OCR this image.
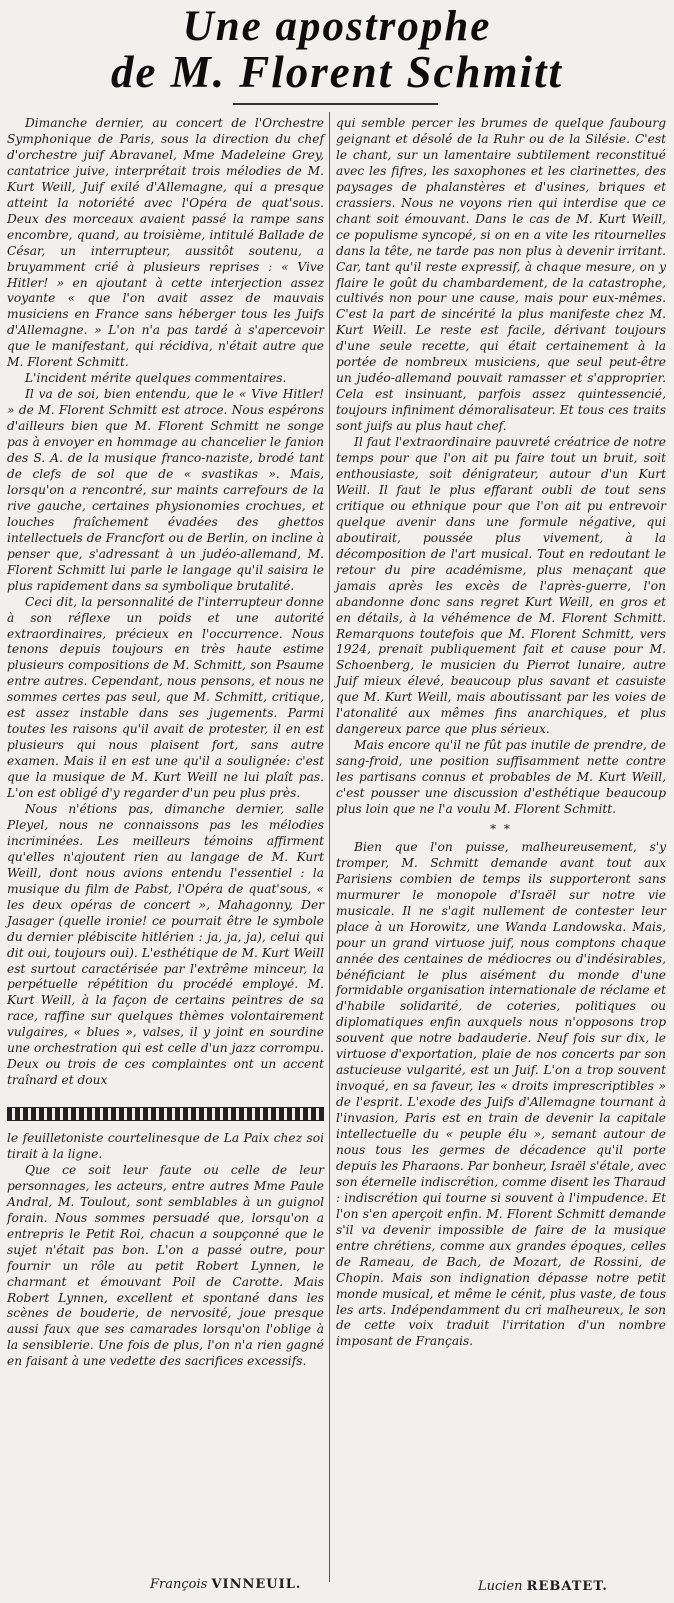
Une apostrophe
de M. Florent Schmitt

Dimanche dernier, au concert de l'Orchestre Symphonique de Paris, sous la direction du chef d'orchestre juif Abravanel, Mme Madeleine Grey, cantatrice juive, interprétait trois mélodies de M. Kurt Weill, Juif exilé d'Allemagne, qui a presque atteint la notoriété avec l'Opéra de quat'sous. Deux des morceaux avaient passé la rampe sans encombre, quand, au troisième, intitulé Ballade de César, un interrupteur, aussitôt soutenu, a bruyamment crié à plusieurs reprises : « Vive Hitler! » en ajoutant à cette interjection assez voyante « que l'on avait assez de mauvais musiciens en France sans héberger tous les Juifs d'Allemagne. » L'on n'a pas tardé à s'apercevoir que le manifestant, qui récidiva, n'était autre que M. Florent Schmitt.

L'incident mérite quelques commentaires.

Il va de soi, bien entendu, que le « Vive Hitler! » de M. Florent Schmitt est atroce. Nous espérons d'ailleurs bien que M. Florent Schmitt ne songe pas à envoyer en hommage au chancelier le fanion des S. A. de la musique franco-naziste, brodé tant de clefs de sol que de « svastikas ». Mais, lorsqu'on a rencontré, sur maints carrefours de la rive gauche, certaines physionomies crochues, et louches fraîchement évadées des ghettos intellectuels de Francfort ou de Berlin, on incline à penser que, s'adressant à un judéo-allemand, M. Florent Schmitt lui parle le langage qu'il saisira le plus rapidement dans sa symbolique brutalité.

Ceci dit, la personnalité de l'interrupteur donne à son réflexe un poids et une autorité extraordinaires, précieux en l'occurrence. Nous tenons depuis toujours en très haute estime plusieurs compositions de M. Schmitt, son Psaume entre autres. Cependant, nous pensons, et nous ne sommes certes pas seul, que M. Schmitt, critique, est assez instable dans ses jugements. Parmi toutes les raisons qu'il avait de protester, il en est plusieurs qui nous plaisent fort, sans autre examen. Mais il en est une qu'il a soulignée: c'est que la musique de M. Kurt Weill ne lui plaît pas. L'on est obligé d'y regarder d'un peu plus près.

Nous n'étions pas, dimanche dernier, salle Pleyel, nous ne connaissons pas les mélodies incriminées. Les meilleurs témoins affirment qu'elles n'ajoutent rien au langage de M. Kurt Weill, dont nous avions entendu l'essentiel : la musique du film de Pabst, l'Opéra de quat'sous, « les deux opéras de concert », Mahagonny, Der Jasager (quelle ironie! ce pourrait être le symbole du dernier plébiscite hitlérien : ja, ja, ja), celui qui dit oui, toujours oui). L'esthétique de M. Kurt Weill est surtout caractérisée par l'extrême minceur, la perpétuelle répétition du procédé employé. M. Kurt Weill, à la façon de certains peintres de sa race, raffine sur quelques thèmes volontairement vulgaires, « blues », valses, il y joint en sourdine une orchestration qui est celle d'un jazz corrompu. Deux ou trois de ces complaintes ont un accent traînard et doux

le feuilletoniste courtelinesque de La Paix chez soi tirait à la ligne.

Que ce soit leur faute ou celle de leur personnages, les acteurs, entre autres Mme Paule Andral, M. Toulout, sont semblables à un guignol forain. Nous sommes persuadé que, lorsqu'on a entrepris le Petit Roi, chacun a soupçonné que le sujet n'était pas bon. L'on a passé outre, pour fournir un rôle au petit Robert Lynnen, le charmant et émouvant Poil de Carotte. Mais Robert Lynnen, excellent et spontané dans les scènes de bouderie, de nervosité, joue presque aussi faux que ses camarades lorsqu'on l'oblige à la sensiblerie. Une fois de plus, l'on n'a rien gagné en faisant à une vedette des sacrifices excessifs.

qui semble percer les brumes de quelque faubourg geignant et désolé de la Ruhr ou de la Silésie. C'est le chant, sur un lamentaire subtilement reconstitué avec les fifres, les saxophones et les clarinettes, des paysages de phalanstères et d'usines, briques et crassiers. Nous ne voyons rien qui interdise que ce chant soit émouvant. Dans le cas de M. Kurt Weill, ce populisme syncopé, si on en a vite les ritournelles dans la tête, ne tarde pas non plus à devenir irritant. Car, tant qu'il reste expressif, à chaque mesure, on y flaire le goût du chambardement, de la catastrophe, cultivés non pour une cause, mais pour eux-mêmes. C'est la part de sincérité la plus manifeste chez M. Kurt Weill. Le reste est facile, dérivant toujours d'une seule recette, qui était certainement à la portée de nombreux musiciens, que seul peut-être un judéo-allemand pouvait ramasser et s'approprier. Cela est insinuant, parfois assez quintessencié, toujours infiniment démoralisateur. Et tous ces traits sont juifs au plus haut chef.

Il faut l'extraordinaire pauvreté créatrice de notre temps pour que l'on ait pu faire tout un bruit, soit enthousiaste, soit dénigrateur, autour d'un Kurt Weill. Il faut le plus effarant oubli de tout sens critique ou ethnique pour que l'on ait pu entrevoir quelque avenir dans une formule négative, qui aboutirait, poussée plus vivement, à la décomposition de l'art musical. Tout en redoutant le retour du pire académisme, plus menaçant que jamais après les excès de l'après-guerre, l'on abandonne donc sans regret Kurt Weill, en gros et en détails, à la véhémence de M. Florent Schmitt. Remarquons toutefois que M. Florent Schmitt, vers 1924, prenait publiquement fait et cause pour M. Schoenberg, le musicien du Pierrot lunaire, autre Juif mieux élevé, beaucoup plus savant et casuiste que M. Kurt Weill, mais aboutissant par les voies de l'atonalité aux mêmes fins anarchiques, et plus dangereux parce que plus sérieux.

Mais encore qu'il ne fût pas inutile de prendre, de sang-froid, une position suffisamment nette contre les partisans connus et probables de M. Kurt Weill, c'est pousser une discussion d'esthétique beaucoup plus loin que ne l'a voulu M. Florent Schmitt.

* *

Bien que l'on puisse, malheureusement, s'y tromper, M. Schmitt demande avant tout aux Parisiens combien de temps ils supporteront sans murmurer le monopole d'Israël sur notre vie musicale. Il ne s'agit nullement de contester leur place à un Horowitz, une Wanda Landowska. Mais, pour un grand virtuose juif, nous comptons chaque année des centaines de médiocres ou d'indésirables, bénéficiant le plus aisément du monde d'une formidable organisation internationale de réclame et d'habile solidarité, de coteries, politiques ou diplomatiques enfin auxquels nous n'opposons trop souvent que notre badauderie. Neuf fois sur dix, le virtuose d'exportation, plaie de nos concerts par son astucieuse vulgarité, est un Juif. L'on a trop souvent invoqué, en sa faveur, les « droits imprescriptibles » de l'esprit. L'exode des Juifs d'Allemagne tournant à l'invasion, Paris est en train de devenir la capitale intellectuelle du « peuple élu », semant autour de nous tous les germes de décadence qu'il porte depuis les Pharaons. Par bonheur, Israël s'étale, avec son éternelle indiscrétion, comme disent les Tharaud : indiscrétion qui tourne si souvent à l'impudence. Et l'on s'en aperçoit enfin. M. Florent Schmitt demande s'il va devenir impossible de faire de la musique entre chrétiens, comme aux grandes époques, celles de Rameau, de Bach, de Mozart, de Rossini, de Chopin. Mais son indignation dépasse notre petit monde musical, et même le cénit, plus vaste, de tous les arts. Indépendamment du cri malheureux, le son de cette voix traduit l'irritation d'un nombre imposant de Français.

François VINNEUIL.	Lucien REBATET.
